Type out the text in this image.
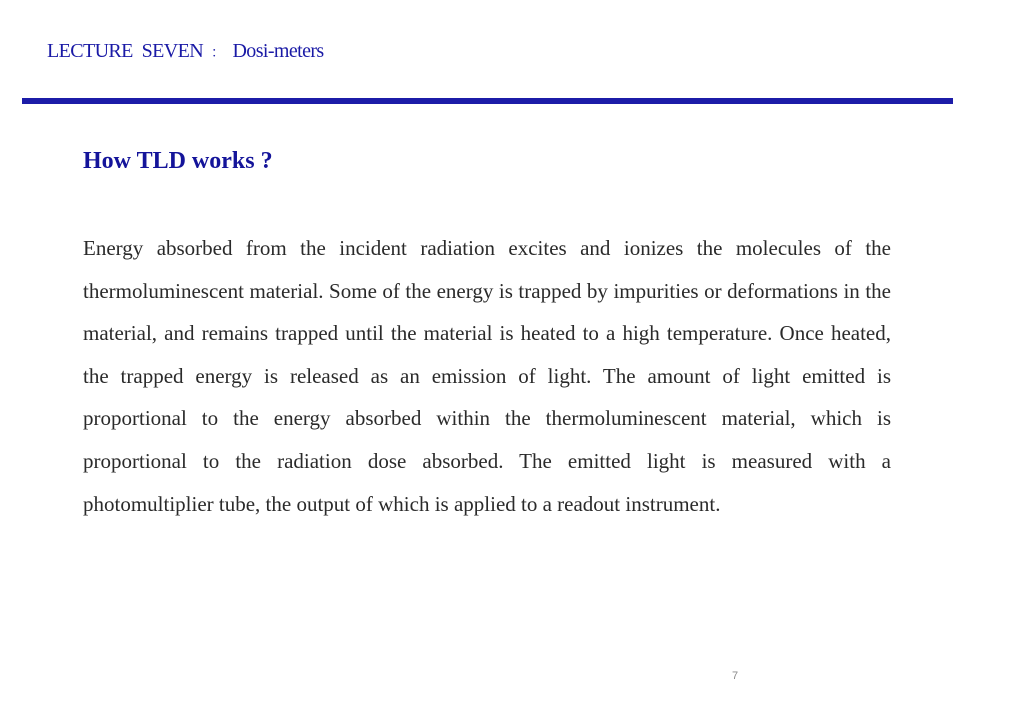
LECTURE  SEVEN ： Dosi-meters
How TLD works ?

Energy absorbed from the incident radiation excites and ionizes the molecules of the thermoluminescent material. Some of the energy is trapped by impurities or deformations in the material, and remains trapped until the material is heated to a high temperature. Once heated, the trapped energy is released as an emission of light. The amount of light emitted is proportional to the energy absorbed within the thermoluminescent material, which is proportional to the radiation dose absorbed. The emitted light is measured with a photomultiplier tube, the output of which is applied to a readout instrument.

7
